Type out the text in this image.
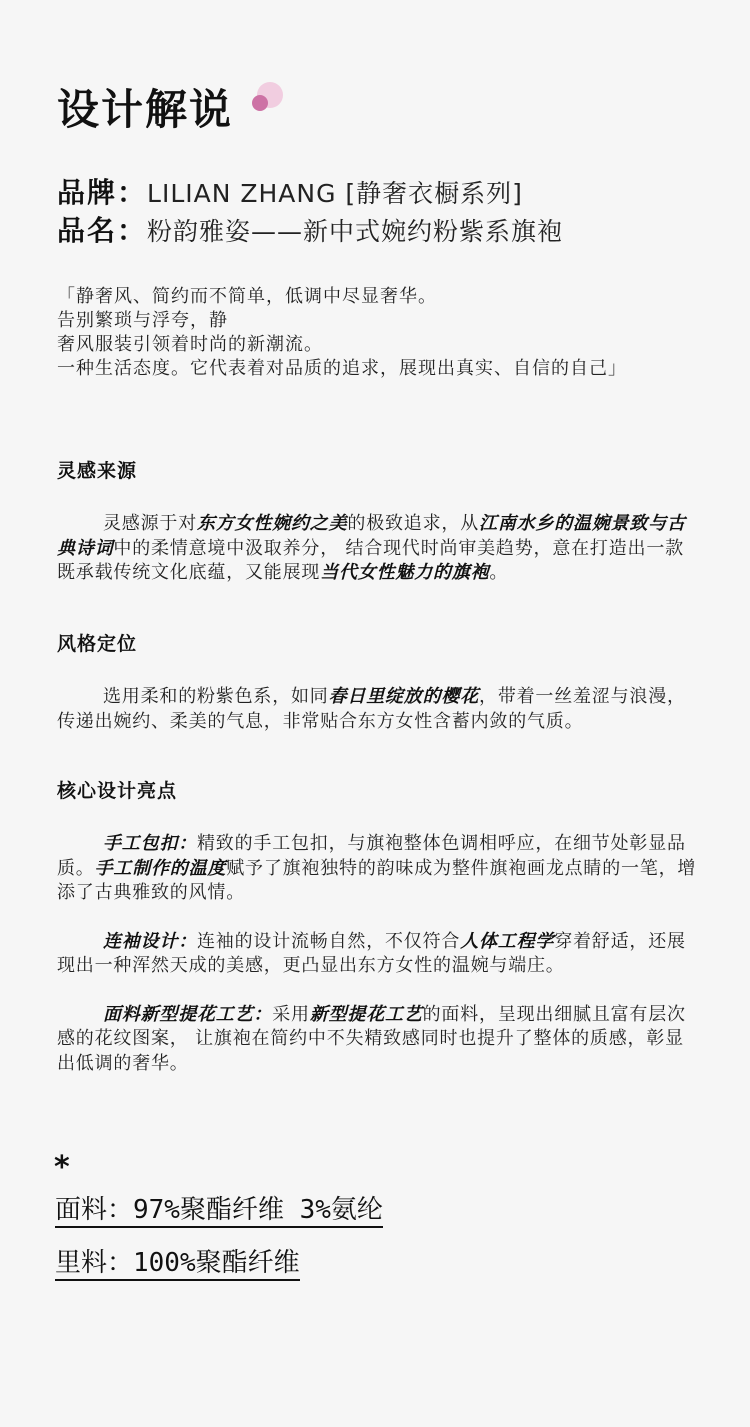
设计解说
品牌：LILIAN ZHANG [静奢衣橱系列]
品名：粉韵雅姿——新中式婉约粉紫系旗袍

「静奢风、简约而不简单，低调中尽显奢华。

告别繁琐与浮夸，静

奢风服装引领着时尚的新潮流。

一种生活态度。它代表着对品质的追求，展现出真实、自信的自己」

灵感来源

灵感源于对东方女性婉约之美的极致追求，从江南水乡的温婉景致与古典诗词中的柔情意境中汲取养分， 结合现代时尚审美趋势，意在打造出一款既承载传统文化底蕴，又能展现当代女性魅力的旗袍。

风格定位

选用柔和的粉紫色系，如同春日里绽放的樱花，带着一丝羞涩与浪漫， 传递出婉约、柔美的气息，非常贴合东方女性含蓄内敛的气质。

核心设计亮点

手工包扣：精致的手工包扣，与旗袍整体色调相呼应，在细节处彰显品质。手工制作的温度赋予了旗袍独特的韵味成为整件旗袍画龙点睛的一笔，增添了古典雅致的风情。

连袖设计：连袖的设计流畅自然，不仅符合人体工程学穿着舒适，还展现出一种浑然天成的美感，更凸显出东方女性的温婉与端庄。

面料新型提花工艺：采用新型提花工艺的面料，呈现出细腻且富有层次感的花纹图案， 让旗袍在简约中不失精致感同时也提升了整体的质感，彰显出低调的奢华。

*
面料：97%聚酯纤维 3%氨纶
里料：100%聚酯纤维
